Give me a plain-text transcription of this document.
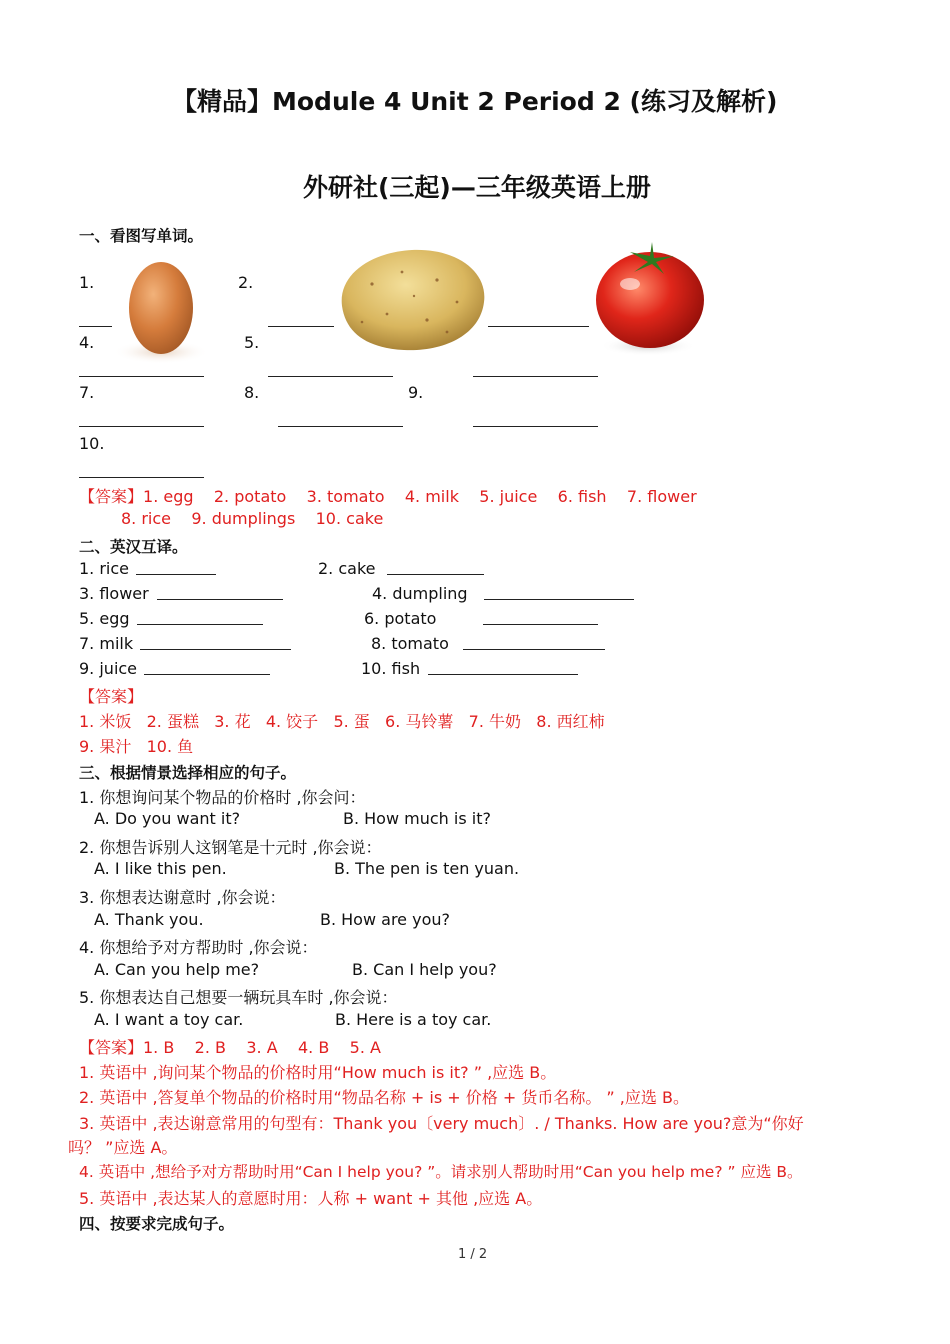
【精品】Module 4 Unit 2 Period 2 (练习及解析)
外研社(三起)—三年级英语上册
一、看图写单词。
1.	2.
4.	5.
7.	8.	9.
10.
【答案】1. egg    2. potato    3. tomato    4. milk    5. juice    6. fish    7. flower
8. rice    9. dumplings    10. cake
二、英汉互译。
1. rice	2. cake
3. flower	4. dumpling
5. egg	6. potato
7. milk	8. tomato
9. juice	10. fish
【答案】
1. 米饭   2. 蛋糕   3. 花   4. 饺子   5. 蛋   6. 马铃薯   7. 牛奶   8. 西红柿
9. 果汁   10. 鱼
三、根据情景选择相应的句子。
1. 你想询问某个物品的价格时 ,你会问：
A. Do you want it?	B. How much is it?
2. 你想告诉别人这钢笔是十元时 ,你会说：
A. I like this pen.	B. The pen is ten yuan.
3. 你想表达谢意时 ,你会说：
A. Thank you.	B. How are you?
4. 你想给予对方帮助时 ,你会说：
A. Can you help me?	B. Can I help you?
5. 你想表达自己想要一辆玩具车时 ,你会说：
A. I want a toy car.	B. Here is a toy car.
【答案】1. B    2. B    3. A    4. B    5. A
1. 英语中 ,询问某个物品的价格时用“How much is it? ” ,应选 B。
2. 英语中 ,答复单个物品的价格时用“物品名称 + is + 价格 + 货币名称。 ” ,应选 B。
3. 英语中 ,表达谢意常用的句型有：Thank you〔very much〕. / Thanks. How are you?意为“你好
吗？ ”应选 A。
4. 英语中 ,想给予对方帮助时用“Can I help you? ”。请求别人帮助时用“Can you help me? ” 应选 B。
5. 英语中 ,表达某人的意愿时用：人称 + want + 其他 ,应选 A。
四、按要求完成句子。
1 / 2
